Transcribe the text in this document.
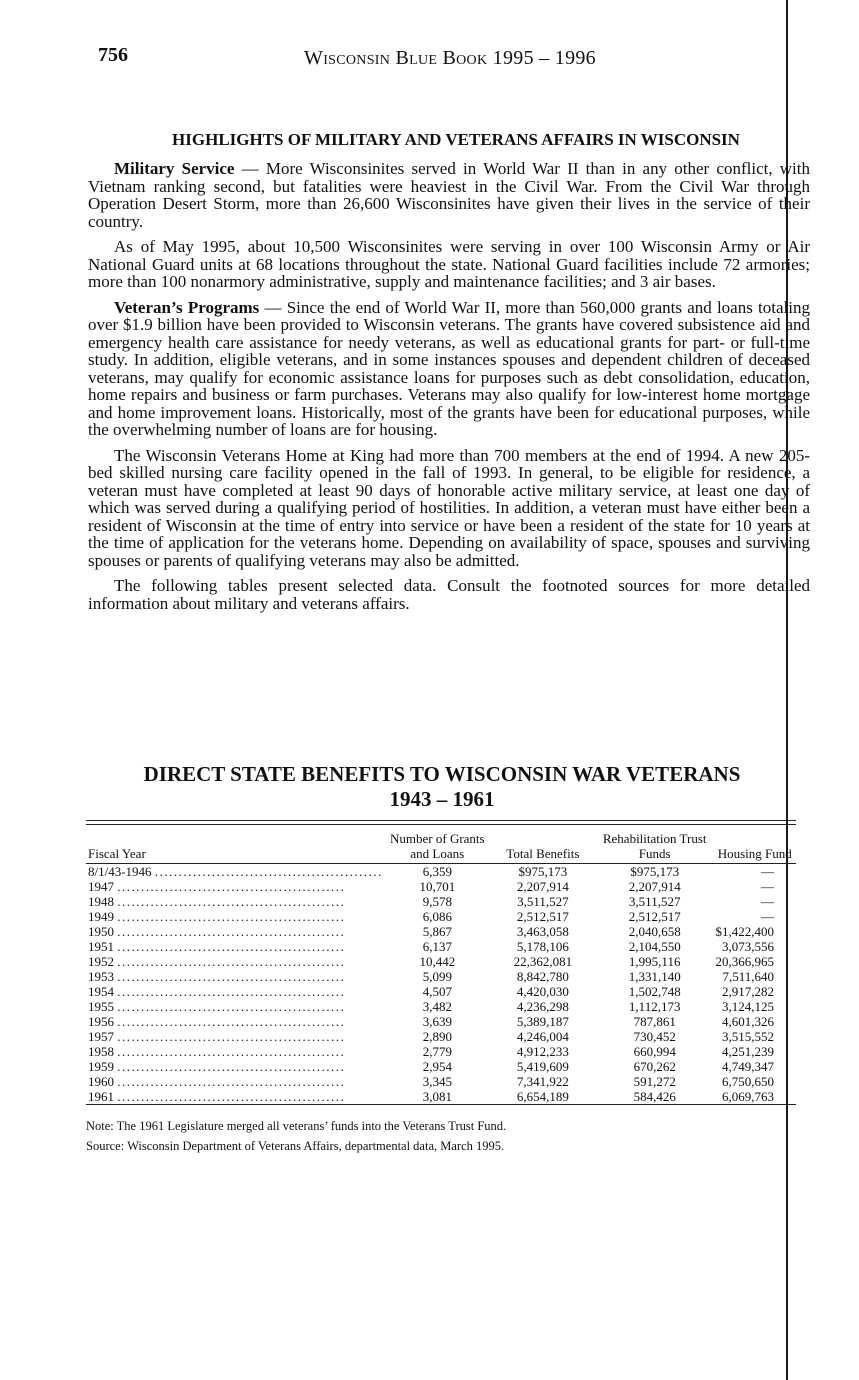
756	Wisconsin Blue Book 1995 – 1996
HIGHLIGHTS OF MILITARY AND VETERANS AFFAIRS IN WISCONSIN

Military Service — More Wisconsinites served in World War II than in any other conflict, with Vietnam ranking second, but fatalities were heaviest in the Civil War. From the Civil War through Operation Desert Storm, more than 26,600 Wisconsinites have given their lives in the service of their country.

As of May 1995, about 10,500 Wisconsinites were serving in over 100 Wisconsin Army or Air National Guard units at 68 locations throughout the state. National Guard facilities include 72 armories; more than 100 nonarmory administrative, supply and maintenance facilities; and 3 air bases.

Veteran’s Programs — Since the end of World War II, more than 560,000 grants and loans totaling over $1.9 billion have been provided to Wisconsin veterans. The grants have covered subsistence aid and emergency health care assistance for needy veterans, as well as educational grants for part- or full-time study. In addition, eligible veterans, and in some instances spouses and dependent children of deceased veterans, may qualify for economic assistance loans for purposes such as debt consolidation, education, home repairs and business or farm purchases. Veterans may also qualify for low-interest home mortgage and home improvement loans. Historically, most of the grants have been for educational purposes, while the overwhelming number of loans are for housing.

The Wisconsin Veterans Home at King had more than 700 members at the end of 1994. A new 205-bed skilled nursing care facility opened in the fall of 1993. In general, to be eligible for residence, a veteran must have completed at least 90 days of honorable active military service, at least one day of which was served during a qualifying period of hostilities. In addition, a veteran must have either been a resident of Wisconsin at the time of entry into service or have been a resident of the state for 10 years at the time of application for the veterans home. Depending on availability of space, spouses and surviving spouses or parents of qualifying veterans may also be admitted.

The following tables present selected data. Consult the footnoted sources for more detailed information about military and veterans affairs.

DIRECT STATE BENEFITS TO WISCONSIN WAR VETERANS
1943 – 1961
Fiscal Year	Number of Grants and Loans	Total Benefits	Rehabilitation Trust Funds	Housing Fund
8/1/43-1946 ................................................	6,359	$975,173	$975,173	—
1947 ................................................	10,701	2,207,914	2,207,914	—
1948 ................................................	9,578	3,511,527	3,511,527	—
1949 ................................................	6,086	2,512,517	2,512,517	—
1950 ................................................	5,867	3,463,058	2,040,658	$1,422,400
1951 ................................................	6,137	5,178,106	2,104,550	3,073,556
1952 ................................................	10,442	22,362,081	1,995,116	20,366,965
1953 ................................................	5,099	8,842,780	1,331,140	7,511,640
1954 ................................................	4,507	4,420,030	1,502,748	2,917,282
1955 ................................................	3,482	4,236,298	1,112,173	3,124,125
1956 ................................................	3,639	5,389,187	787,861	4,601,326
1957 ................................................	2,890	4,246,004	730,452	3,515,552
1958 ................................................	2,779	4,912,233	660,994	4,251,239
1959 ................................................	2,954	5,419,609	670,262	4,749,347
1960 ................................................	3,345	7,341,922	591,272	6,750,650
1961 ................................................	3,081	6,654,189	584,426	6,069,763
Note: The 1961 Legislature merged all veterans’ funds into the Veterans Trust Fund.
Source: Wisconsin Department of Veterans Affairs, departmental data, March 1995.
